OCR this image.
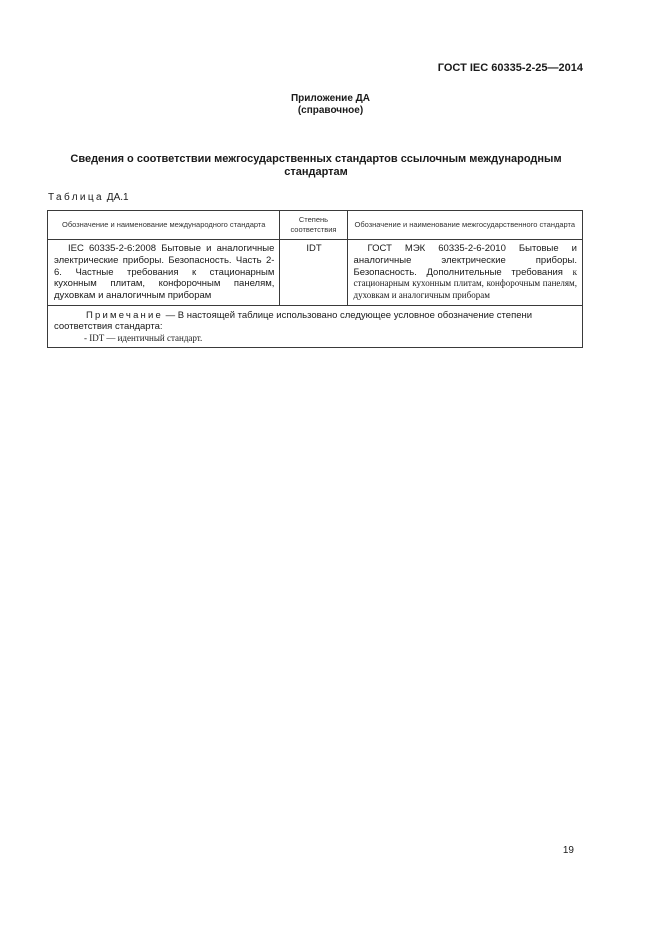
ГОСТ IEC 60335-2-25—2014
Приложение ДА
(справочное)
Сведения о соответствии межгосударственных стандартов ссылочным международным стандартам
Таблица ДА.1
Обозначение и наименование международного стандарта	Степень соответствия	Обозначение и наименование межгосударственного стандарта

IEC 60335-2-6:2008 Бытовые и аналогичные электрические приборы. Безопасность. Часть 2-6. Частные требования к стационарным кухонным плитам, конфорочным панелям, духовкам и аналогичным приборам	IDT	ГОСТ МЭК 60335-2-6-2010 Бытовые и аналогичные электрические приборы. Безопасность. Дополнительные требования к стационарным кухонным плитам, конфорочным панелям, духовкам и аналогичным приборам

Примечание — В настоящей таблице использовано следующее условное обозначение степени соответствия стандарта:
- IDT — идентичный стандарт.		
19
